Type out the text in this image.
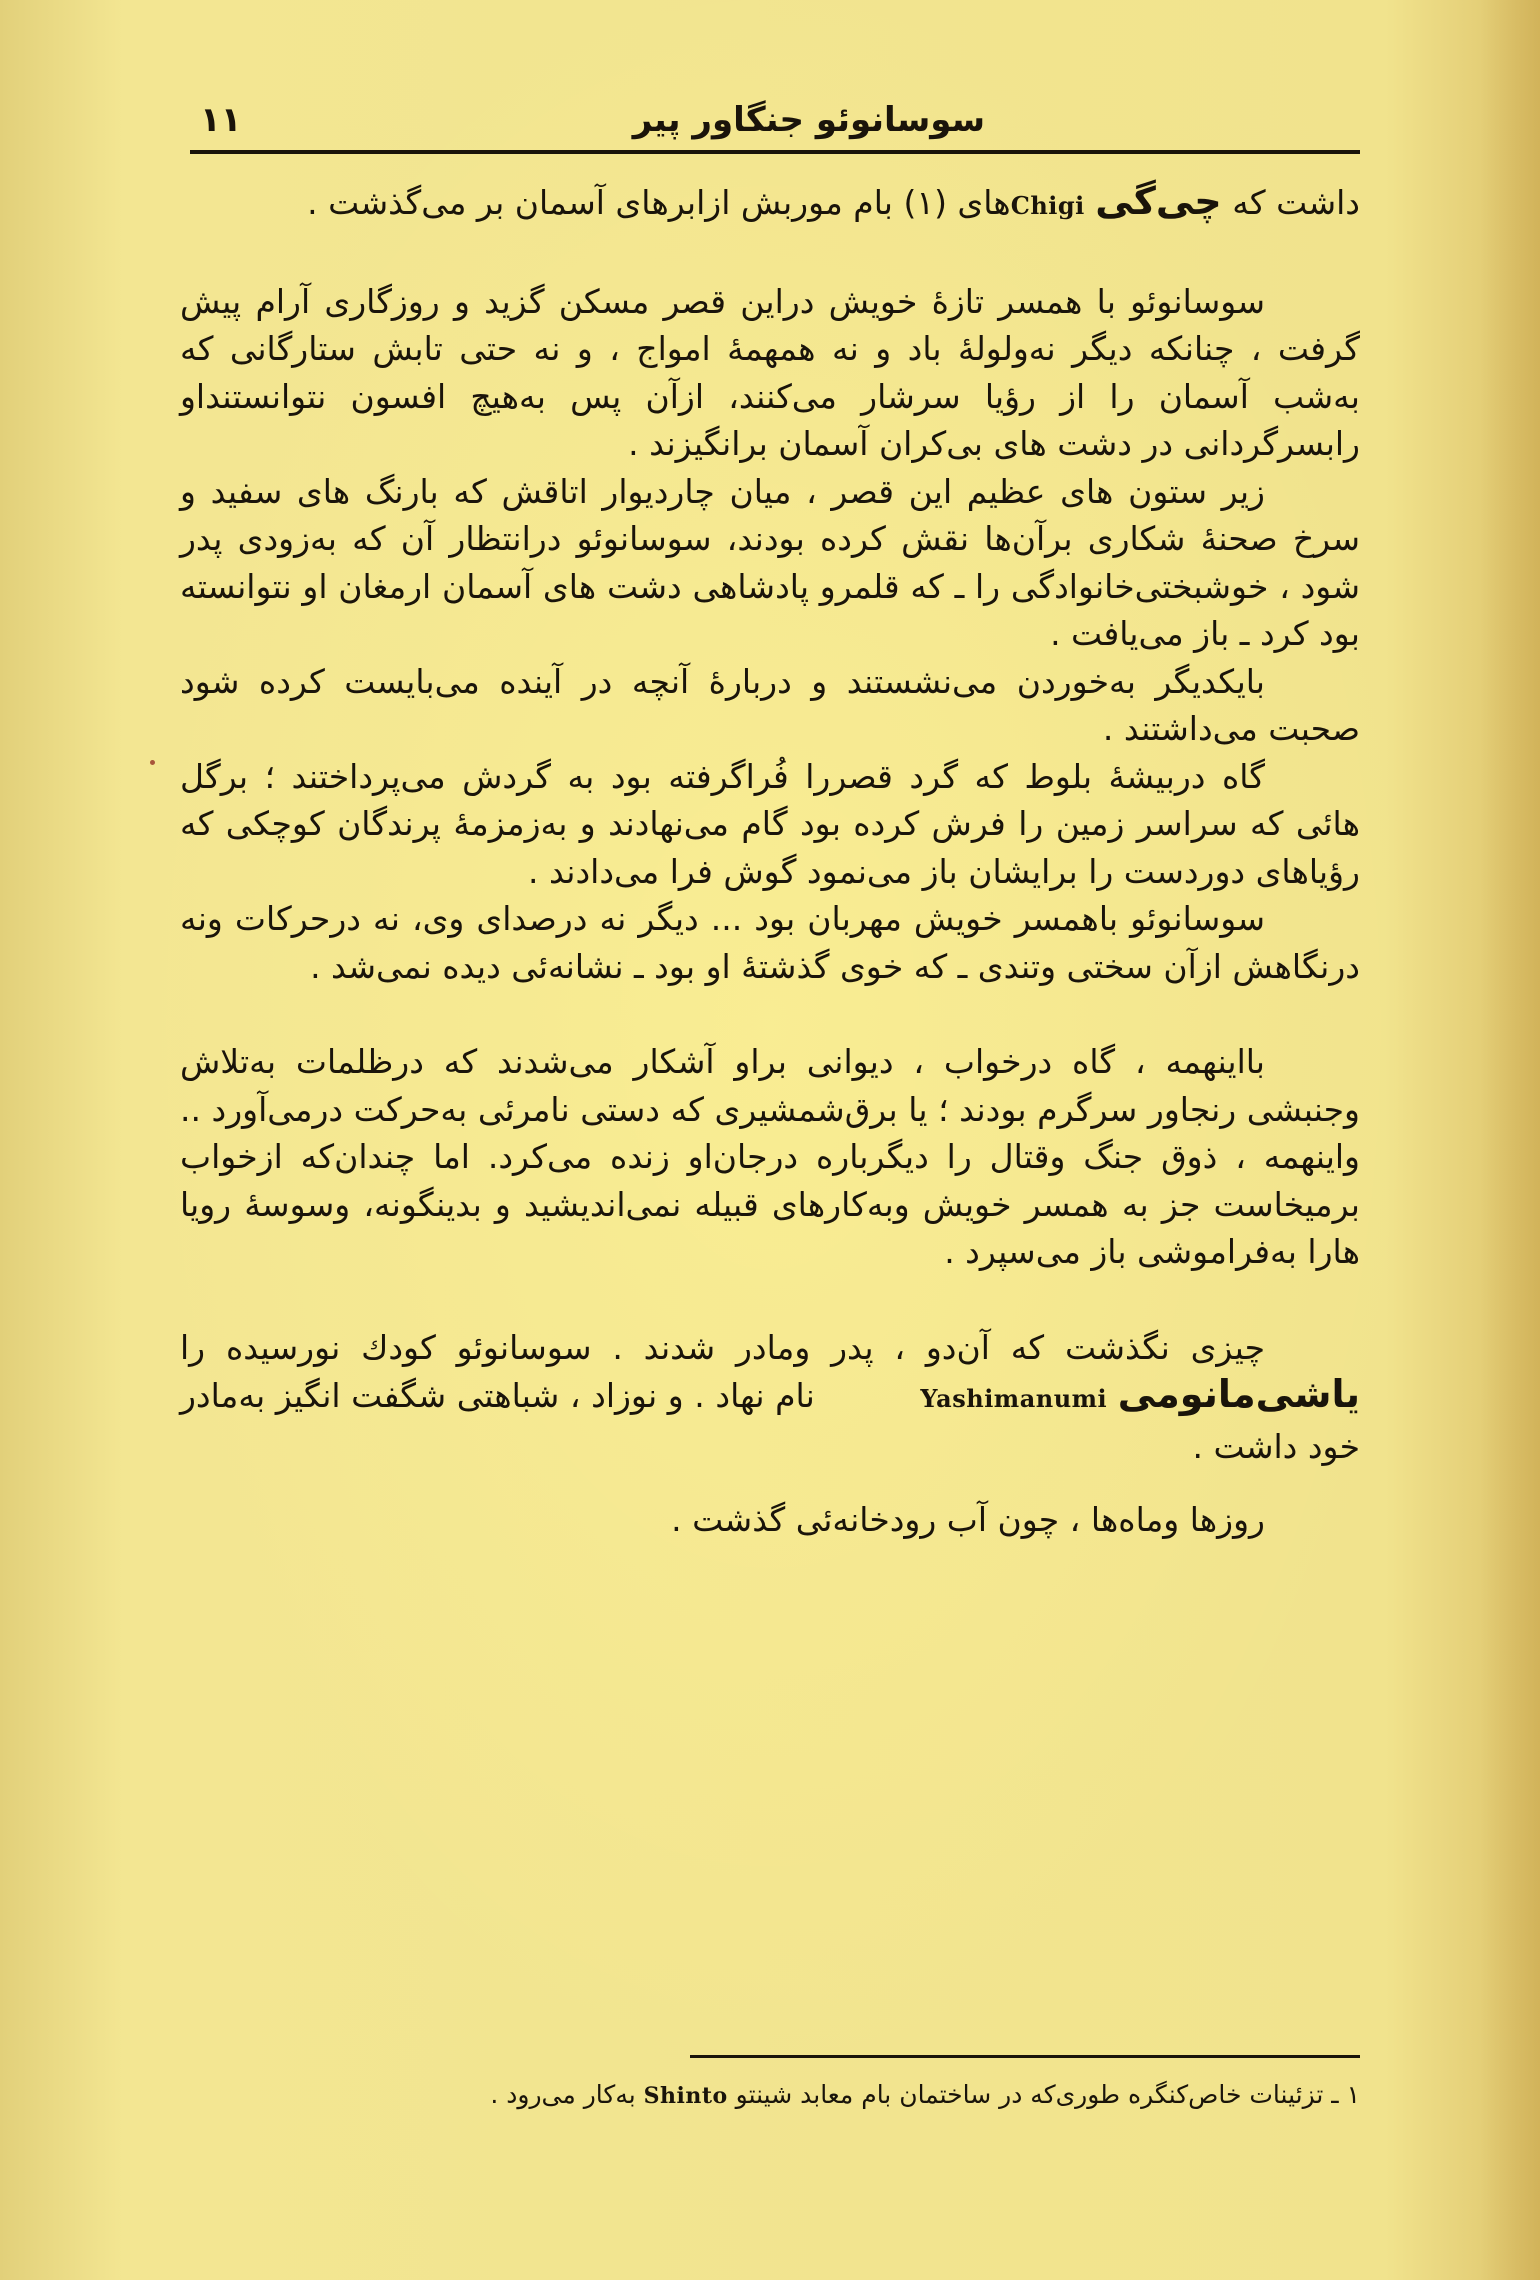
سوسانوئو جنگاور پیر
۱۱

داشت که چی‌گی Chigiهای (۱) بام موربش ازابرهای آسمان بر می‌گذشت .

سوسانوئو با همسر تازهٔ خویش دراین قصر مسکن گزید و روزگاری آرام پیش گرفت ، چنانکه دیگر نه‌ولولهٔ باد و نه همهمهٔ امواج ، و نه حتی تابش ستارگانی که به‌شب آسمان را از رؤیا سرشار می‌کنند، ازآن پس به‌هیچ افسون نتوانستنداو رابسرگردانی در دشت های بی‌کران آسمان برانگیزند .

زیر ستون های عظیم این قصر ، میان چاردیوار اتاقش که بارنگ های سفید و سرخ صحنهٔ شکاری برآن‌ها نقش کرده بودند، سوسانوئو درانتظار آن که به‌زودی پدر شود ، خوشبختی‌خانوادگی را ـ که قلمرو پادشاهی دشت های آسمان ارمغان او نتوانسته بود کرد ـ باز می‌یافت .

بایکدیگر به‌خوردن می‌نشستند و دربارهٔ آنچه در آینده می‌بایست کرده شود صحبت می‌داشتند .

گاه دربیشهٔ بلوط که گرد قصررا فُراگرفته بود به گردش می‌پرداختند ؛ برگل هائی که سراسر زمین را فرش کرده بود گام می‌نهادند و به‌زمزمهٔ پرندگان کوچکی که رؤیاهای دوردست را برایشان باز می‌نمود گوش فرا می‌دادند .

سوسانوئو باهمسر خویش مهربان بود ... دیگر نه درصدای وی، نه درحرکات ونه درنگاهش ازآن سختی وتندی ـ که خوی گذشتهٔ او بود ـ نشانه‌ئی دیده نمی‌شد .

بااینهمه ، گاه درخواب ، دیوانی براو آشکار می‌شدند که درظلمات به‌تلاش وجنبشی رنجاور سرگرم بودند ؛ یا برق‌شمشیری که دستی نامرئی به‌حرکت درمی‌آورد .. واینهمه ، ذوق جنگ وقتال را دیگرباره درجان‌او زنده می‌کرد. اما چندان‌که ازخواب برمیخاست جز به همسر خویش وبه‌کارهای قبیله نمی‌اندیشید و بدینگونه، وسوسهٔ رویا هارا به‌فراموشی باز می‌سپرد .

چیزی نگذشت که آن‌دو ، پدر ومادر شدند . سوسانوئو کودك نورسیده را یاشی‌مانومی Yashimanumi نام نهاد . و نوزاد ، شباهتی شگفت انگیز به‌مادر خود داشت .

روزها وماه‌ها ، چون آب رودخانه‌ئی گذشت .

۱ ـ تزئینات خاص‌کنگره طوری‌که در ساختمان بام معابد شینتو Shinto به‌کار می‌رود .
